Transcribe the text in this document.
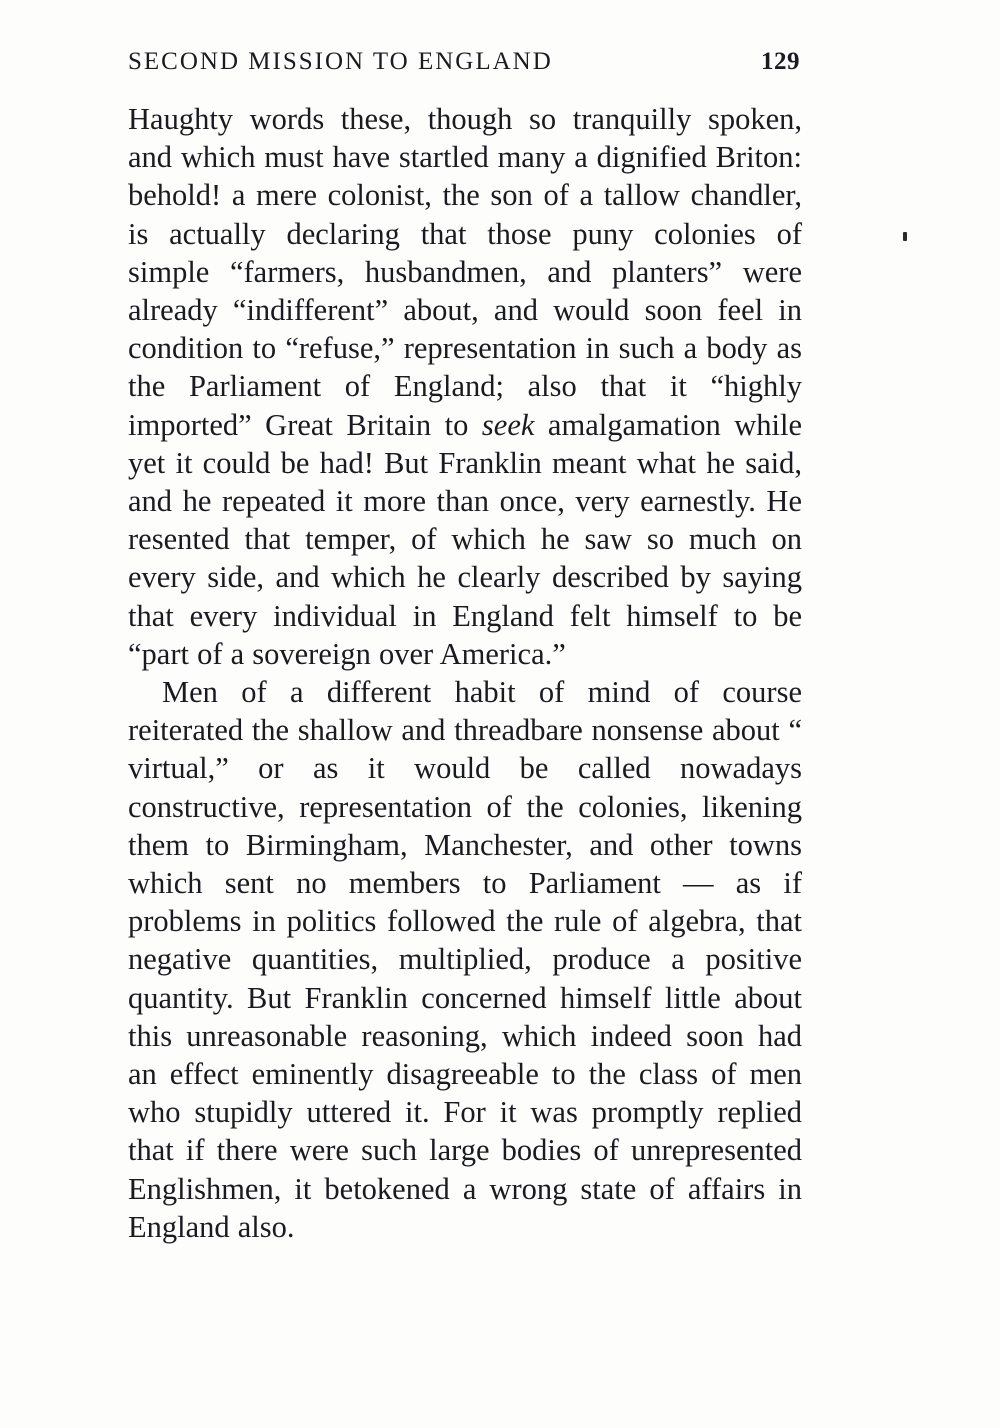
SECOND MISSION TO ENGLAND	129

Haughty words these, though so tranquilly spoken, and which must have startled many a dignified Briton: behold! a mere colonist, the son of a tallow chandler, is actually declaring that those puny colonies of simple “farmers, husbandmen, and planters” were already “indifferent” about, and would soon feel in condition to “refuse,” representation in such a body as the Parliament of England; also that it “highly imported” Great Britain to seek amalgamation while yet it could be had! But Franklin meant what he said, and he repeated it more than once, very earnestly. He resented that temper, of which he saw so much on every side, and which he clearly described by saying that every individual in England felt himself to be “part of a sovereign over America.”

Men of a different habit of mind of course reiterated the shallow and threadbare nonsense about “ virtual,” or as it would be called nowadays constructive, representation of the colonies, likening them to Birmingham, Manchester, and other towns which sent no members to Parliament — as if problems in politics followed the rule of algebra, that negative quantities, multiplied, produce a positive quantity. But Franklin concerned himself little about this unreasonable reasoning, which indeed soon had an effect eminently disagreeable to the class of men who stupidly uttered it. For it was promptly replied that if there were such large bodies of unrepresented Englishmen, it betokened a wrong state of affairs in England also.
